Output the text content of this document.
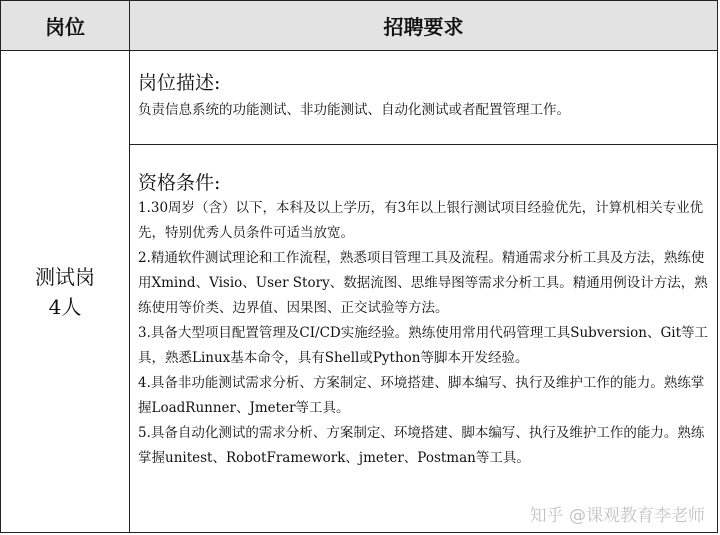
岗位	招聘要求
测试岗
4人
岗位描述:
负责信息系统的功能测试、非功能测试、自动化测试或者配置管理工作。
资格条件:
1.30周岁（含）以下，本科及以上学历，有3年以上银行测试项目经验优先，计算机相关专业优先，特别优秀人员条件可适当放宽。
2.精通软件测试理论和工作流程，熟悉项目管理工具及流程。精通需求分析工具及方法，熟练使用Xmind、Visio、User Story、数据流图、思维导图等需求分析工具。精通用例设计方法，熟练使用等价类、边界值、因果图、正交试验等方法。
3.具备大型项目配置管理及CI/CD实施经验。熟练使用常用代码管理工具Subversion、Git等工具，熟悉Linux基本命令，具有Shell或Python等脚本开发经验。
4.具备非功能测试需求分析、方案制定、环境搭建、脚本编写、执行及维护工作的能力。熟练掌握LoadRunner、Jmeter等工具。
5.具备自动化测试的需求分析、方案制定、环境搭建、脚本编写、执行及维护工作的能力。熟练掌握unitest、RobotFramework、jmeter、Postman等工具。
知乎 @课观教育李老师
